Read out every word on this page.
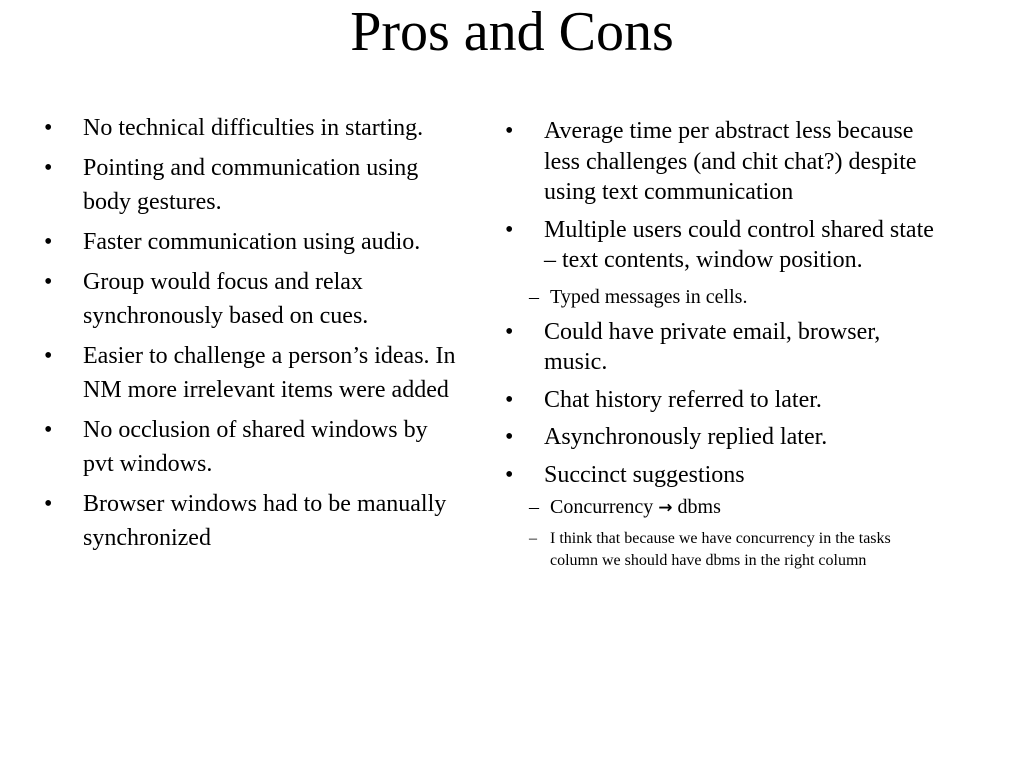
Pros and Cons
• No technical difficulties in starting.
• Pointing and communication using body gestures.
• Faster communication using audio.
• Group would focus and relax synchronously based on cues.
• Easier to challenge a person’s ideas. In NM more irrelevant items were added
• No occlusion of shared windows by pvt windows.
• Browser windows had to be manually synchronized
• Average time per abstract less because less challenges (and chit chat?) despite using text communication
• Multiple users could control shared state – text contents, window position.
– Typed messages in cells.
• Could have private email, browser, music.
• Chat history referred to later.
• Asynchronously replied later.
• Succinct suggestions
– Concurrency → dbms
– I think that because we have concurrency in the tasks column we should have dbms in the right column
